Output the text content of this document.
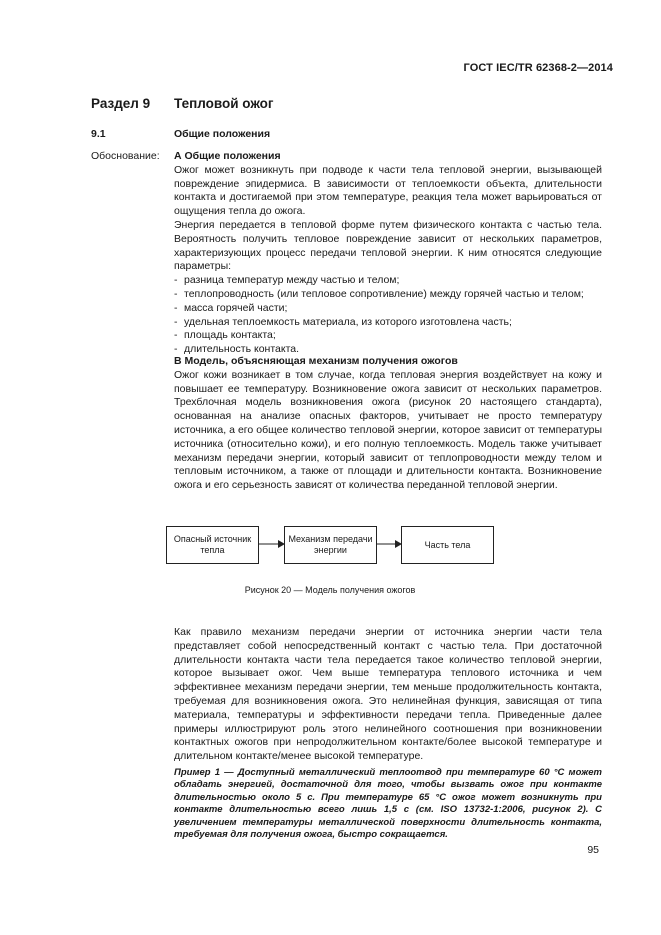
ГОСТ IEC/TR 62368-2—2014
Раздел 9 Тепловой ожог
9.1	Общие положения
Обоснование: А Общие положения

Ожог может возникнуть при подводе к части тела тепловой энергии, вызывающей повреждение эпидермиса. В зависимости от теплоемкости объекта, длительности контакта и достигаемой при этом температуре, реакция тела может варьироваться от ощущения тепла до ожога.

Энергия передается в тепловой форме путем физического контакта с частью тела. Вероятность получить тепловое повреждение зависит от нескольких параметров, характеризующих процесс передачи тепловой энергии. К ним относятся следующие параметры:

- разница температур между частью и телом;
- теплопроводность (или тепловое сопротивление) между горячей частью и телом;
- масса горячей части;
- удельная теплоемкость материала, из которого изготовлена часть;
- площадь контакта;
- длительность контакта.

В Модель, объясняющая механизм получения ожогов

Ожог кожи возникает в том случае, когда тепловая энергия воздействует на кожу и повышает ее температуру. Возникновение ожога зависит от нескольких параметров. Трехблочная модель возникновения ожога (рисунок 20 настоящего стандарта), основанная на анализе опасных факторов, учитывает не просто температуру источника, а его общее количество тепловой энергии, которое зависит от температуры источника (относительно кожи), и его полную теплоемкость. Модель также учитывает механизм передачи энергии, который зависит от теплопроводности между телом и тепловым источником, а также от площади и длительности контакта. Возникновение ожога и его серьезность зависят от количества переданной тепловой энергии.

Опасный источник тепла
Механизм передачи энергии
Часть тела
Рисунок 20 — Модель получения ожогов

Как правило механизм передачи энергии от источника энергии части тела представляет собой непосредственный контакт с частью тела. При достаточной длительности контакта части тела передается такое количество тепловой энергии, которое вызывает ожог. Чем выше температура теплового источника и чем эффективнее механизм передачи энергии, тем меньше продолжительность контакта, требуемая для возникновения ожога. Это нелинейная функция, зависящая от типа материала, температуры и эффективности передачи тепла. Приведенные далее примеры иллюстрируют роль этого нелинейного соотношения при возникновении контактных ожогов при непродолжительном контакте/более высокой температуре и длительном контакте/менее высокой температуре.

Пример 1 — Доступный металлический теплоотвод при температуре 60 °С может обладать энергией, достаточной для того, чтобы вызвать ожог при контакте длительностью около 5 с. При температуре 65 °С ожог может возникнуть при контакте длительностью всего лишь 1,5 с (см. ISO 13732-1:2006, рисунок 2). С увеличением температуры металлической поверхности длительность контакта, требуемая для получения ожога, быстро сокращается.
95
